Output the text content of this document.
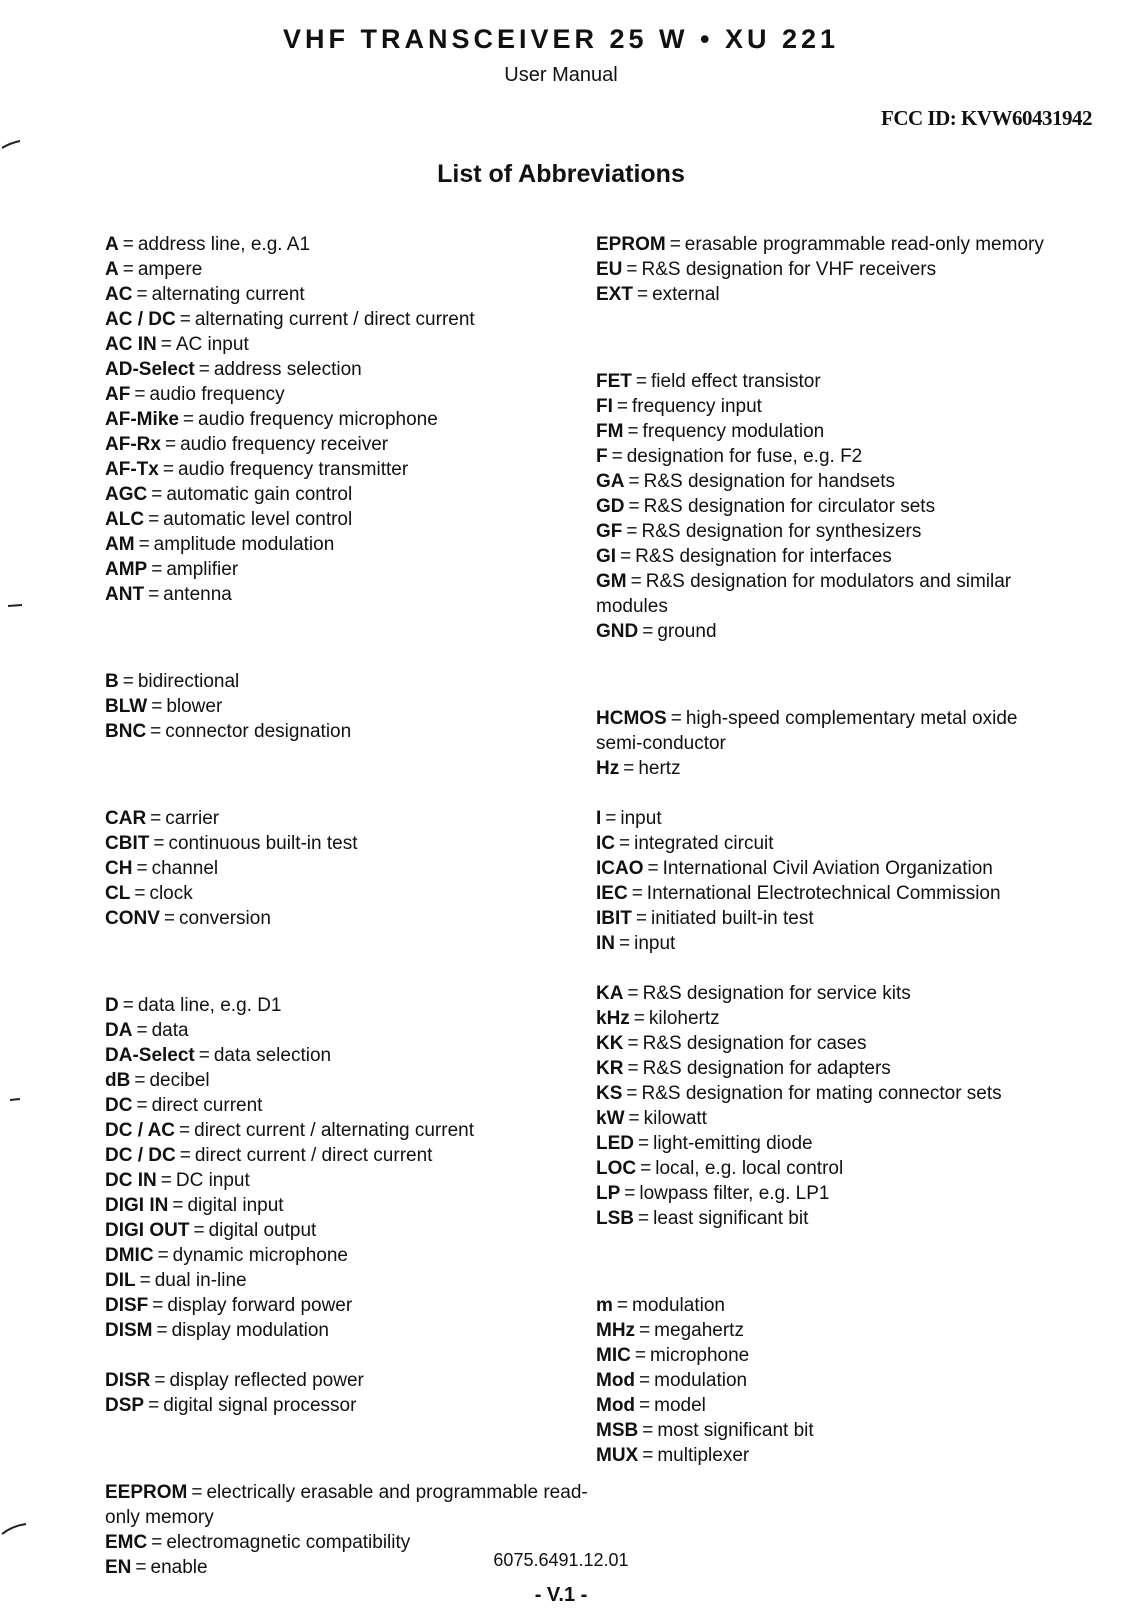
VHF TRANSCEIVER 25 W • XU 221
User Manual
FCC ID: KVW60431942
List of Abbreviations
A = address line, e.g. A1
A = ampere
AC = alternating current
AC / DC = alternating current / direct current
AC IN = AC input
AD-Select = address selection
AF = audio frequency
AF-Mike = audio frequency microphone
AF-Rx = audio frequency receiver
AF-Tx = audio frequency transmitter
AGC = automatic gain control
ALC = automatic level control
AM = amplitude modulation
AMP = amplifier
ANT = antenna
B = bidirectional
BLW = blower
BNC = connector designation
CAR = carrier
CBIT = continuous built-in test
CH = channel
CL = clock
CONV = conversion
D = data line, e.g. D1
DA = data
DA-Select = data selection
dB = decibel
DC = direct current
DC / AC = direct current / alternating current
DC / DC = direct current / direct current
DC IN = DC input
DIGI IN = digital input
DIGI OUT = digital output
DMIC = dynamic microphone
DIL = dual in-line
DISF = display forward power
DISM = display modulation
DISR = display reflected power
DSP = digital signal processor
EEPROM = electrically erasable and programmable read-only memory
EMC = electromagnetic compatibility
EN = enable
EPROM = erasable programmable read-only memory
EU = R&S designation for VHF receivers
EXT = external
FET = field effect transistor
FI = frequency input
FM = frequency modulation
F = designation for fuse, e.g. F2
GA = R&S designation for handsets
GD = R&S designation for circulator sets
GF = R&S designation for synthesizers
GI = R&S designation for interfaces
GM = R&S designation for modulators and similar modules
GND = ground
HCMOS = high-speed complementary metal oxide semi-conductor
Hz = hertz
I = input
IC = integrated circuit
ICAO = International Civil Aviation Organization
IEC = International Electrotechnical Commission
IBIT = initiated built-in test
IN = input
KA = R&S designation for service kits
kHz = kilohertz
KK = R&S designation for cases
KR = R&S designation for adapters
KS = R&S designation for mating connector sets
kW = kilowatt
LED = light-emitting diode
LOC = local, e.g. local control
LP = lowpass filter, e.g. LP1
LSB = least significant bit
m = modulation
MHz = megahertz
MIC = microphone
Mod = modulation
Mod = model
MSB = most significant bit
MUX = multiplexer
6075.6491.12.01
- V.1 -
